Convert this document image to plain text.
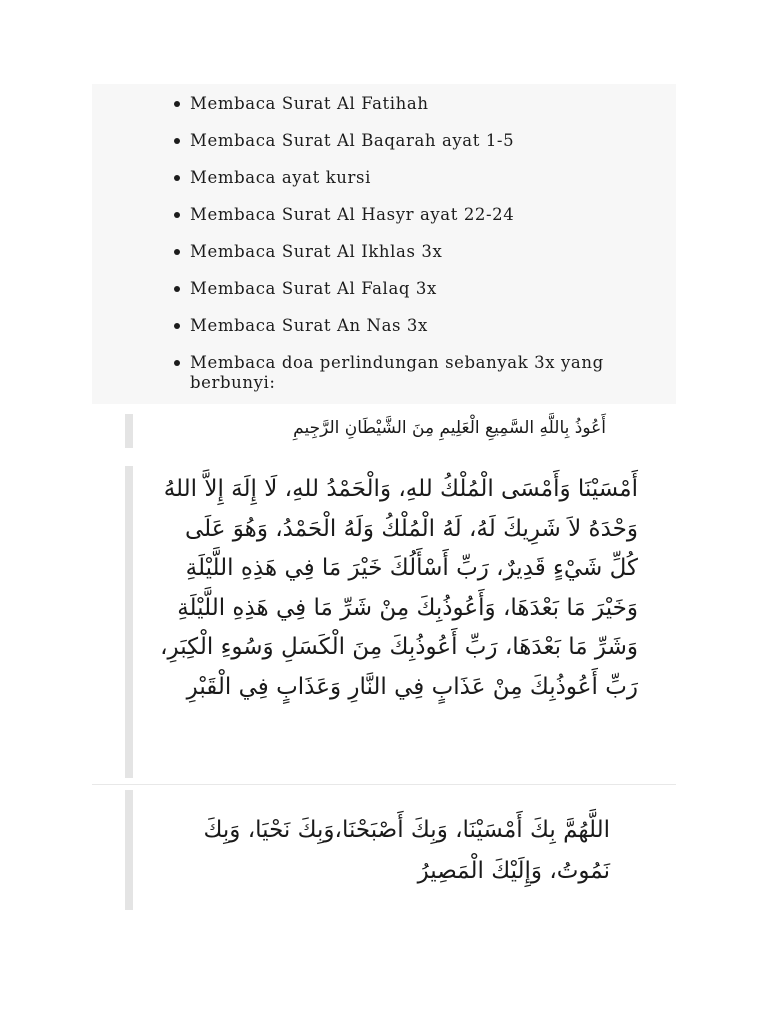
Membaca Surat Al Fatihah
Membaca Surat Al Baqarah ayat 1-5
Membaca ayat kursi
Membaca Surat Al Hasyr ayat 22-24
Membaca Surat Al Ikhlas 3x
Membaca Surat Al Falaq 3x
Membaca Surat An Nas 3x
Membaca doa perlindungan sebanyak 3x yang berbunyi:
أَعُوذُ بِاللَّهِ السَّمِيعِ الْعَلِيمِ مِنَ الشَّيْطَانِ الرَّجِيمِ
أَمْسَيْنَا وَأَمْسَى الْمُلْكُ للهِ، وَالْحَمْدُ للهِ، لَا إِلَهَ إِلاَّ اللهُ وَحْدَهُ لاَ شَرِيكَ لَهُ، لَهُ الْمُلْكُ وَلَهُ الْحَمْدُ، وَهُوَ عَلَى كُلِّ شَيْءٍ قَدِيرٌ، رَبِّ أَسْأَلُكَ خَيْرَ مَا فِي هَذِهِ اللَّيْلَةِ وَخَيْرَ مَا بَعْدَهَا، وَأَعُوذُبِكَ مِنْ شَرِّ مَا فِي هَذِهِ اللَّيْلَةِ وَشَرِّ مَا بَعْدَهَا، رَبِّ أَعُوذُبِكَ مِنَ الْكَسَلِ وَسُوءِ الْكِبَرِ، رَبِّ أَعُوذُبِكَ مِنْ عَذَابٍ فِي النَّارِ وَعَذَابٍ فِي الْقَبْرِ
اللَّهُمَّ بِكَ أَمْسَيْنَا، وَبِكَ أَصْبَحْنَا،وَبِكَ نَحْيَا، وَبِكَ نَمُوتُ، وَإِلَيْكَ الْمَصِيرُ
